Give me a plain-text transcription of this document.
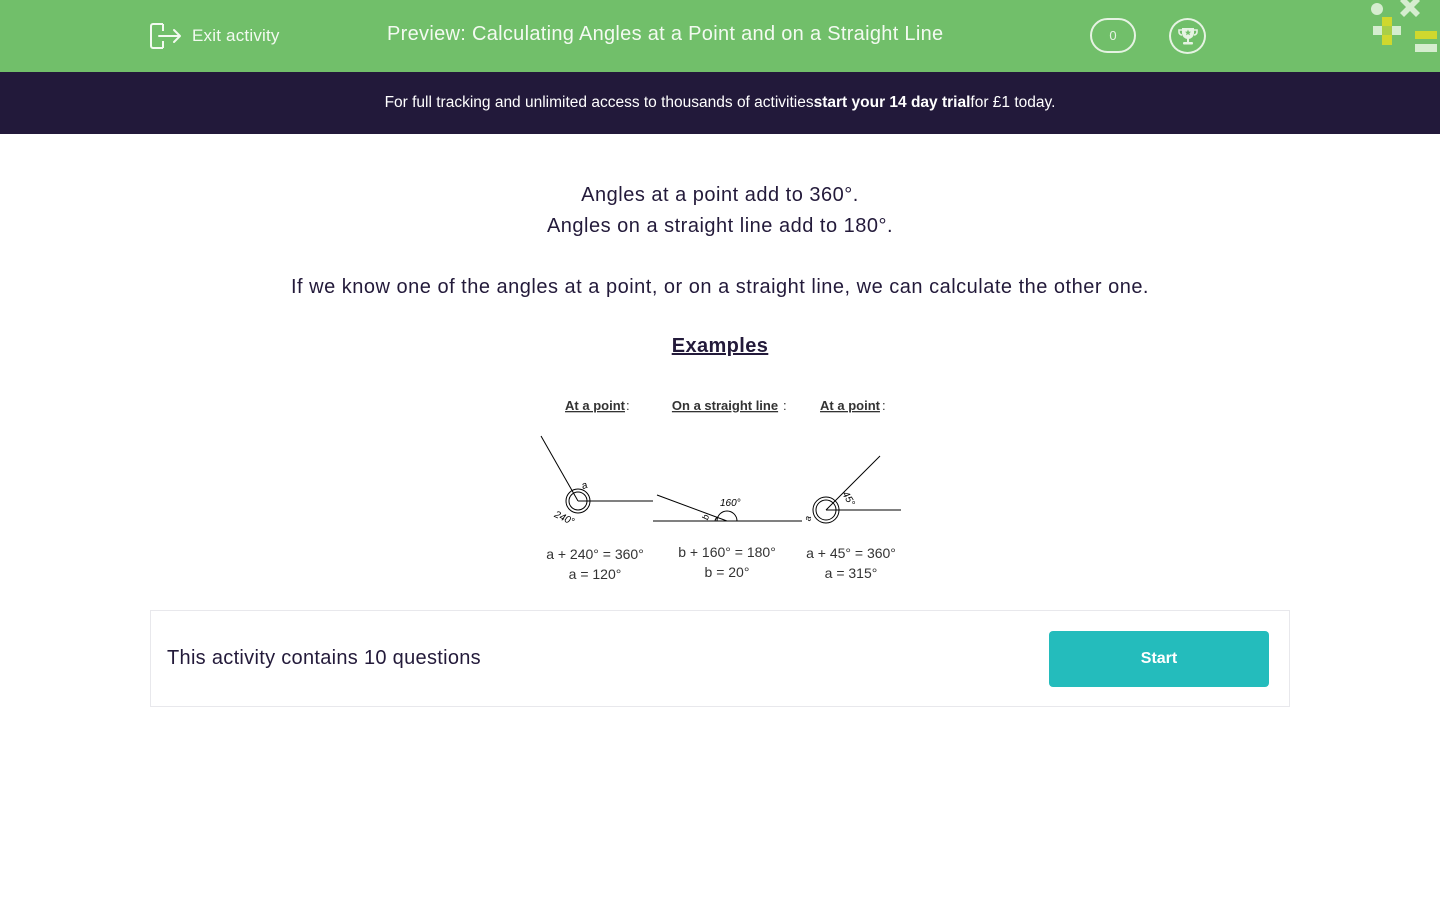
Exit activity	Preview: Calculating Angles at a Point and on a Straight Line	0
For full tracking and unlimited access to thousands of activities start your 14 day trial for £1 today.
Angles at a point add to 360°.
Angles on a straight line add to 180°.
If we know one of the angles at a point, or on a straight line, we can calculate the other one.
Examples
At a point	On a straight line	At a point
:	:	:
a
240°
160°
b
45°
a
a + 240° = 360°
a = 120°
b + 160° = 180°
b = 20°
a + 45° = 360°
a = 315°
This activity contains 10 questions	Start
